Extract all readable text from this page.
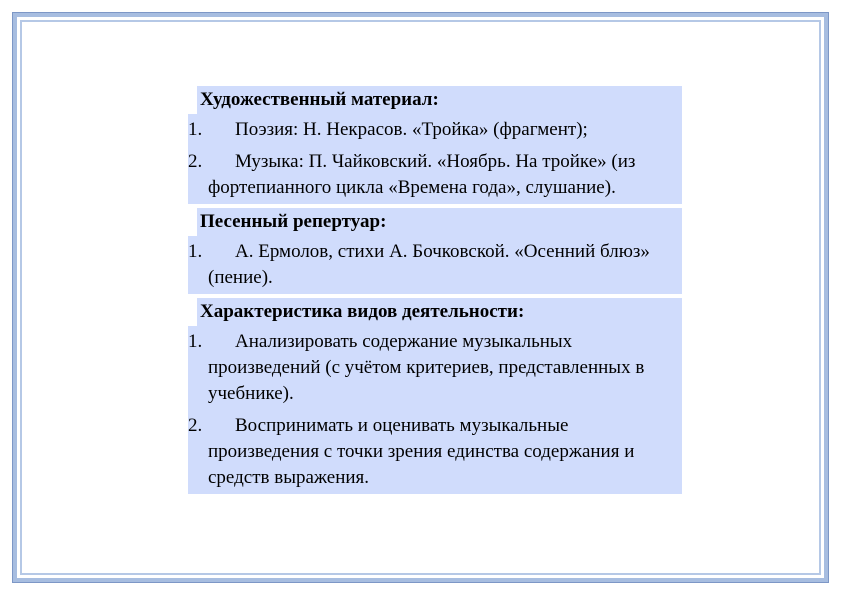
Художественный материал:
1. Поэзия: Н. Некрасов. «Тройка» (фрагмент);
2. Музыка: П. Чайковский. «Ноябрь. На тройке» (из фортепианного цикла «Времена года», слушание).
Песенный репертуар:
1. А. Ермолов, стихи А. Бочковской. «Осенний блюз» (пение).
Характеристика видов деятельности:
1. Анализировать содержание музыкальных произведений (с учётом критериев, представленных в учебнике).
2. Воспринимать и оценивать музыкальные произведения с точки зрения единства содержания и средств выражения.
